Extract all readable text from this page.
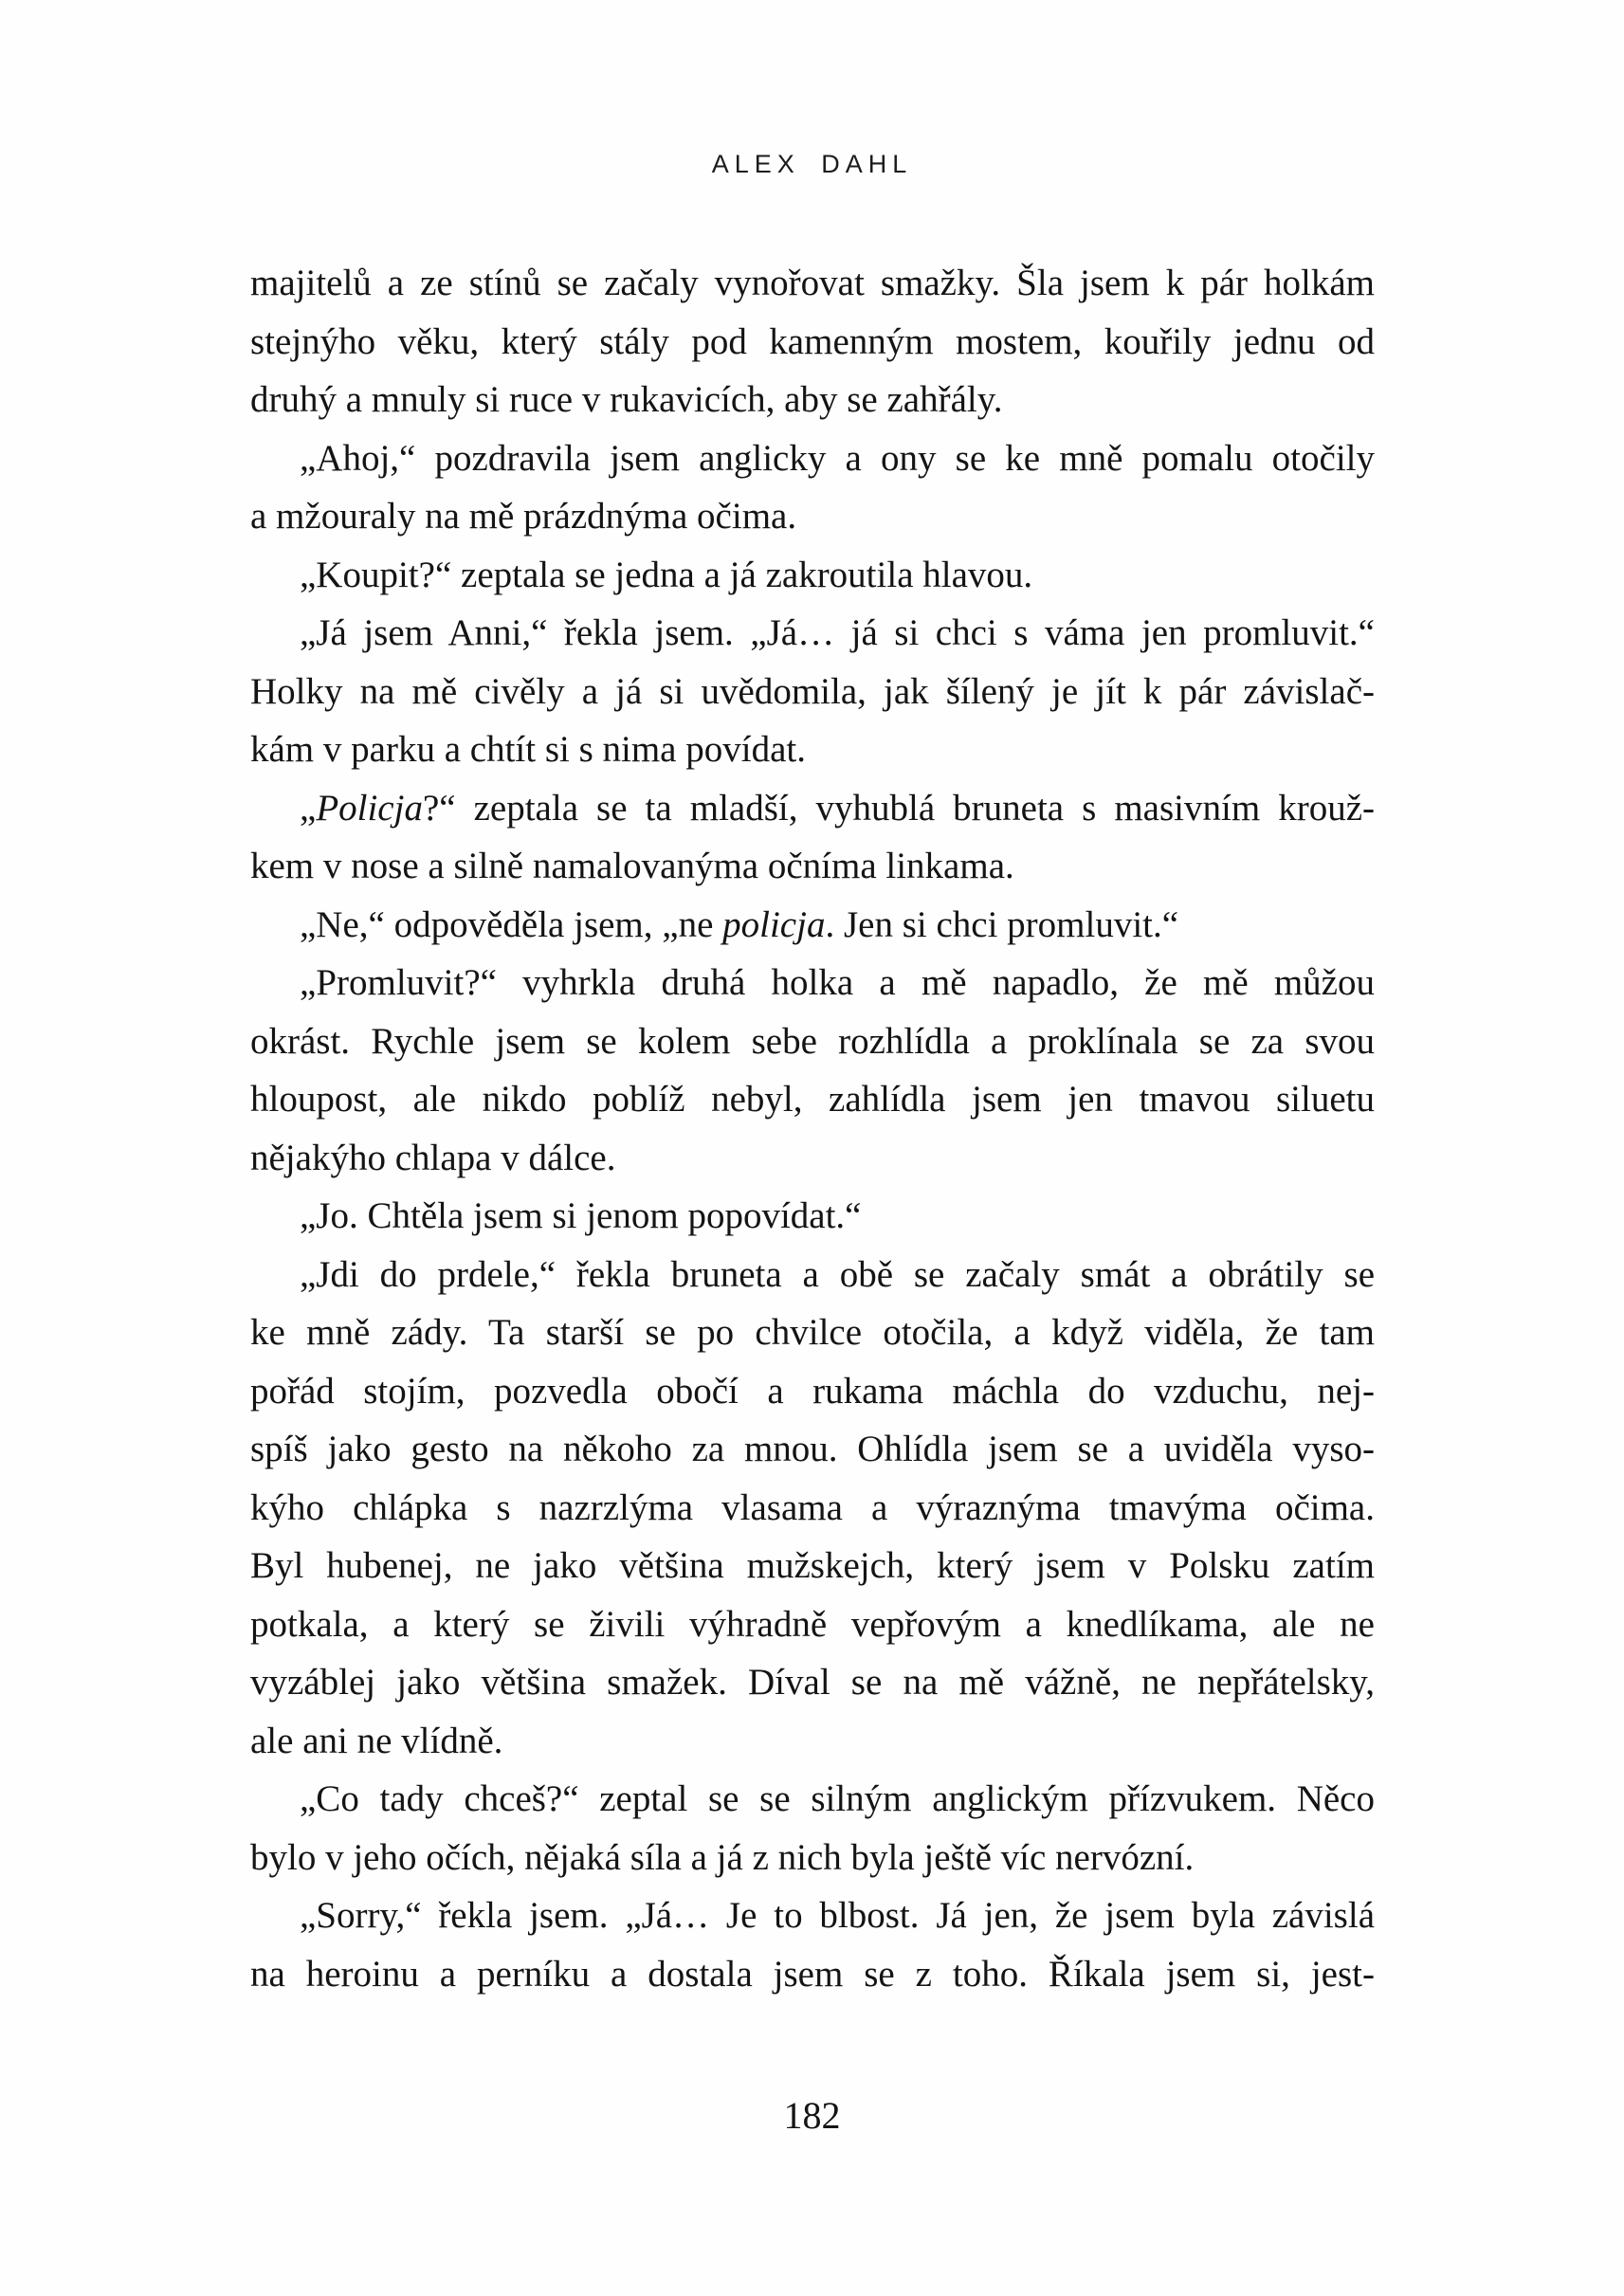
ALEX DAHL
majitelů a ze stínů se začaly vynořovat smažky. Šla jsem k pár holkám
stejnýho věku, který stály pod kamenným mostem, kouřily jednu od
druhý a mnuly si ruce v rukavicích, aby se zahřály.
„Ahoj,“ pozdravila jsem anglicky a ony se ke mně pomalu otočily
a mžouraly na mě prázdnýma očima.
„Koupit?“ zeptala se jedna a já zakroutila hlavou.
„Já jsem Anni,“ řekla jsem. „Já… já si chci s váma jen promluvit.“
Holky na mě civěly a já si uvědomila, jak šílený je jít k pár závislač-
kám v parku a chtít si s nima povídat.
„Policja?“ zeptala se ta mladší, vyhublá bruneta s masivním krouž-
kem v nose a silně namalovanýma očníma linkama.
„Ne,“ odpověděla jsem, „ne policja. Jen si chci promluvit.“
„Promluvit?“ vyhrkla druhá holka a mě napadlo, že mě můžou
okrást. Rychle jsem se kolem sebe rozhlídla a proklínala se za svou
hloupost, ale nikdo poblíž nebyl, zahlídla jsem jen tmavou siluetu
nějakýho chlapa v dálce.
„Jo. Chtěla jsem si jenom popovídat.“
„Jdi do prdele,“ řekla bruneta a obě se začaly smát a obrátily se
ke mně zády. Ta starší se po chvilce otočila, a když viděla, že tam
pořád stojím, pozvedla obočí a rukama máchla do vzduchu, nej-
spíš jako gesto na někoho za mnou. Ohlídla jsem se a uviděla vyso-
kýho chlápka s nazrzlýma vlasama a výraznýma tmavýma očima.
Byl hubenej, ne jako většina mužskejch, který jsem v Polsku zatím
potkala, a který se živili výhradně vepřovým a knedlíkama, ale ne
vyzáblej jako většina smažek. Díval se na mě vážně, ne nepřátelsky,
ale ani ne vlídně.
„Co tady chceš?“ zeptal se se silným anglickým přízvukem. Něco
bylo v jeho očích, nějaká síla a já z nich byla ještě víc nervózní.
„Sorry,“ řekla jsem. „Já… Je to blbost. Já jen, že jsem byla závislá
na heroinu a perníku a dostala jsem se z toho. Říkala jsem si, jest-
182
